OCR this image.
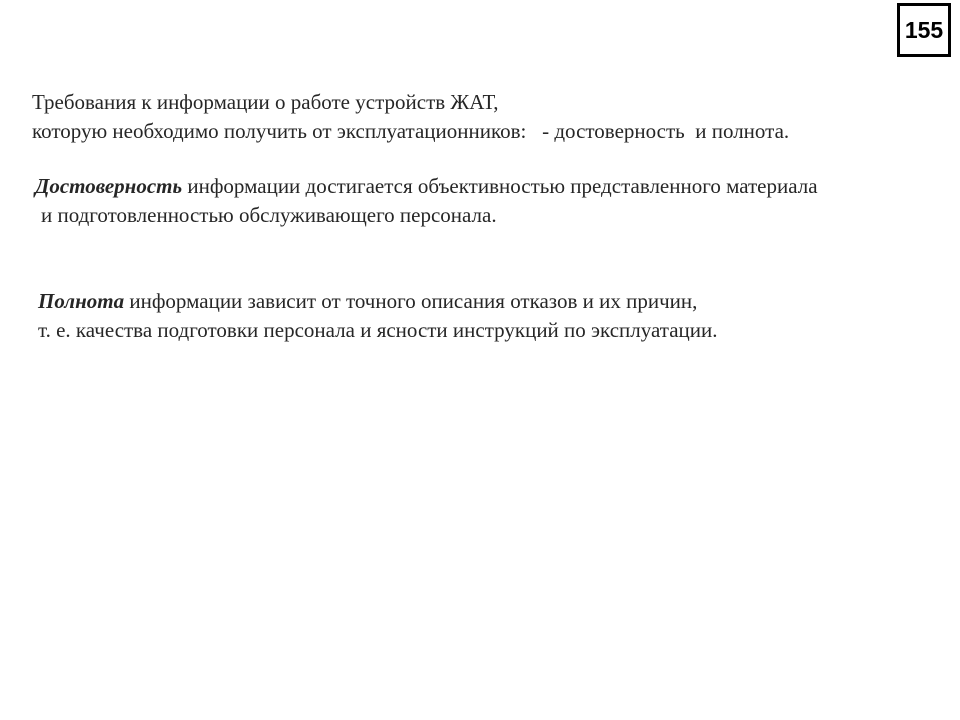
155
Требования к информации о работе устройств ЖАТ,
которую необходимо получить от эксплуатационников:   - достоверность  и полнота.
Достоверность информации достигается объективностью представленного материала
и подготовленностью обслуживающего персонала.
Полнота информации зависит от точного описания отказов и их причин,
т. е. качества подготовки персонала и ясности инструкций по эксплуатации.
